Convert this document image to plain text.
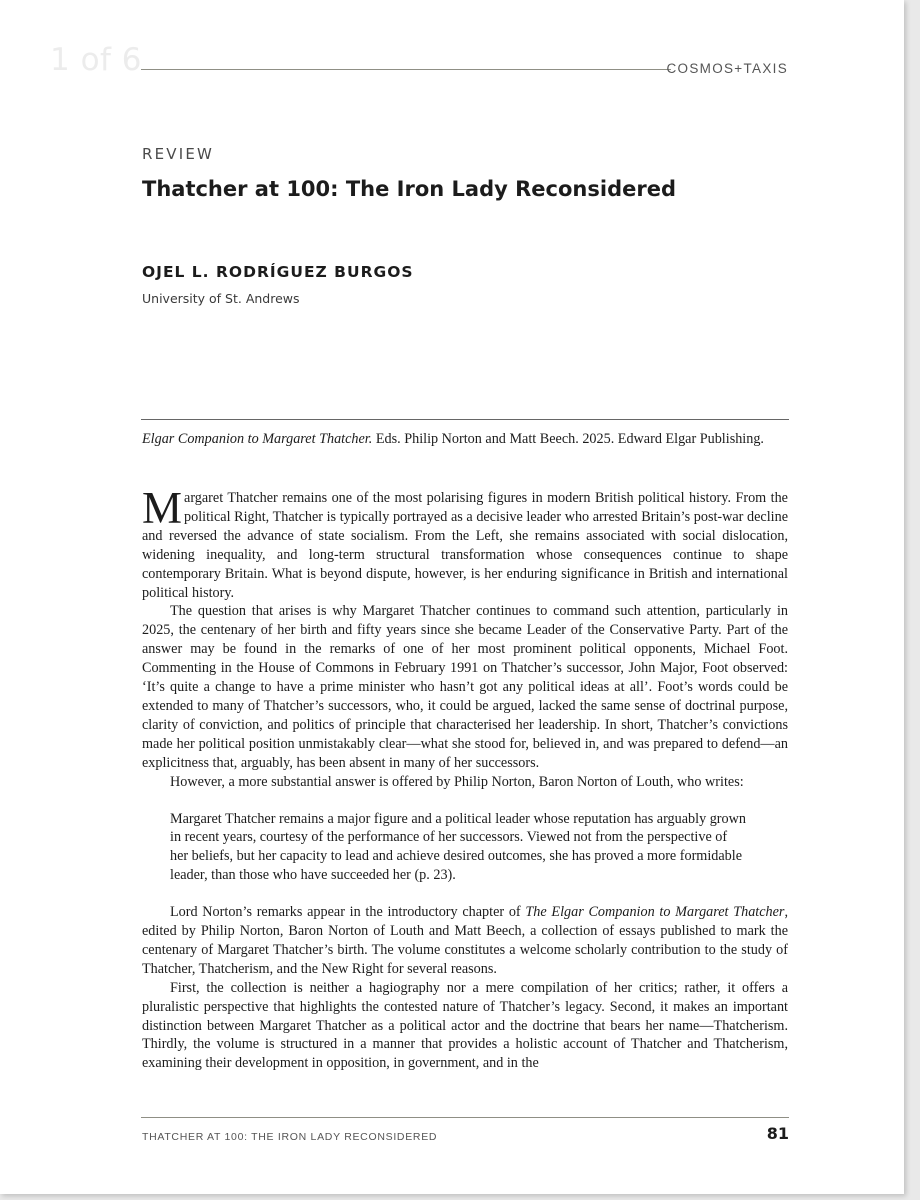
1 of 6	COSMOS+TAXIS
REVIEW
Thatcher at 100: The Iron Lady Reconsidered
OJEL L. RODRÍGUEZ BURGOS
University of St. Andrews

Elgar Companion to Margaret Thatcher. Eds. Philip Norton and Matt Beech. 2025. Edward Elgar Publishing.

Margaret Thatcher remains one of the most polarising figures in modern British political history. From the political Right, Thatcher is typically portrayed as a decisive leader who arrested Britain’s post-war decline and reversed the advance of state socialism. From the Left, she remains associated with social dislocation, widening inequality, and long-term structural transformation whose consequences continue to shape contemporary Britain. What is beyond dispute, however, is her enduring significance in British and international political history.

The question that arises is why Margaret Thatcher continues to command such attention, particularly in 2025, the centenary of her birth and fifty years since she became Leader of the Conservative Party. Part of the answer may be found in the remarks of one of her most prominent political opponents, Michael Foot. Commenting in the House of Commons in February 1991 on Thatcher’s successor, John Major, Foot observed: ‘It’s quite a change to have a prime minister who hasn’t got any political ideas at all’. Foot’s words could be extended to many of Thatcher’s successors, who, it could be argued, lacked the same sense of doctrinal purpose, clarity of conviction, and politics of principle that characterised her leadership. In short, Thatcher’s convictions made her political position unmistakably clear—what she stood for, believed in, and was prepared to defend—an explicitness that, arguably, has been absent in many of her successors.

However, a more substantial answer is offered by Philip Norton, Baron Norton of Louth, who writes:

Margaret Thatcher remains a major figure and a political leader whose reputation has arguably grown in recent years, courtesy of the performance of her successors. Viewed not from the perspective of her beliefs, but her capacity to lead and achieve desired outcomes, she has proved a more formidable leader, than those who have succeeded her (p. 23).

Lord Norton’s remarks appear in the introductory chapter of The Elgar Companion to Margaret Thatcher, edited by Philip Norton, Baron Norton of Louth and Matt Beech, a collection of essays published to mark the centenary of Margaret Thatcher’s birth. The volume constitutes a welcome scholarly contribution to the study of Thatcher, Thatcherism, and the New Right for several reasons.

First, the collection is neither a hagiography nor a mere compilation of her critics; rather, it offers a pluralistic perspective that highlights the contested nature of Thatcher’s legacy. Second, it makes an important distinction between Margaret Thatcher as a political actor and the doctrine that bears her name—Thatcherism. Thirdly, the volume is structured in a manner that provides a holistic account of Thatcher and Thatcherism, examining their development in opposition, in government, and in the

THATCHER AT 100: THE IRON LADY RECONSIDERED	81
